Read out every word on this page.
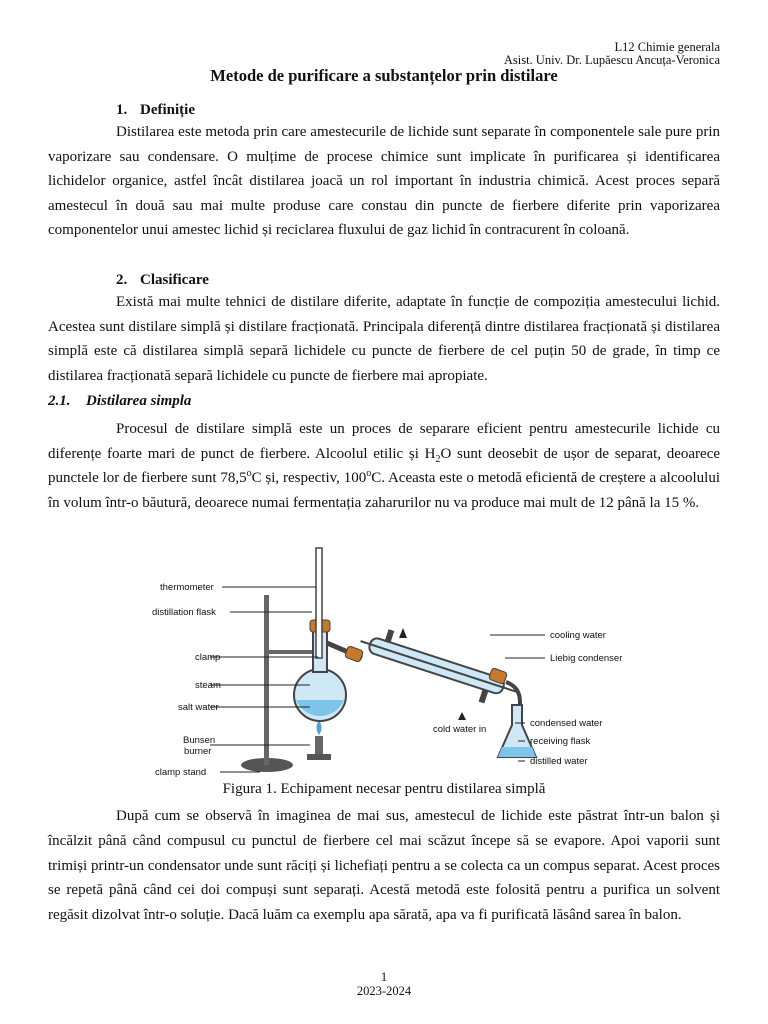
L12 Chimie generala
Asist. Univ. Dr. Lupăescu Ancuța-Veronica
Metode de purificare a substanțelor prin distilare
1. Definiție
Distilarea este metoda prin care amestecurile de lichide sunt separate în componentele sale pure prin vaporizare sau condensare. O mulțime de procese chimice sunt implicate în purificarea și identificarea lichidelor organice, astfel încât distilarea joacă un rol important în industria chimică. Acest proces separă amestecul în două sau mai multe produse care constau din puncte de fierbere diferite prin vaporizarea componentelor unui amestec lichid și reciclarea fluxului de gaz lichid în contracurent în coloană.
2. Clasificare
Există mai multe tehnici de distilare diferite, adaptate în funcție de compoziția amestecului lichid. Acestea sunt distilare simplă și distilare fracționată. Principala diferență dintre distilarea fracționată și distilarea simplă este că distilarea simplă separă lichidele cu puncte de fierbere de cel puțin 50 de grade, în timp ce distilarea fracționată separă lichidele cu puncte de fierbere mai apropiate.
2.1. Distilarea simpla
Procesul de distilare simplă este un proces de separare eficient pentru amestecurile lichide cu diferențe foarte mari de punct de fierbere. Alcoolul etilic și $H_2O$ sunt deosebit de ușor de separat, deoarece punctele lor de fierbere sunt 78,5$^o$C și, respectiv, 100$^o$C. Aceasta este o metodă eficientă de creștere a alcoolului în volum într-o băutură, deoarece numai fermentația zaharurilor nu va produce mai mult de 12 până la 15 %.
thermometer
distillation flask
clamp
steam
salt water
Bunsen
burner
clamp stand
cooling water
Liebig condenser
cold water in
condensed water
receiving flask
distilled water
Figura 1. Echipament necesar pentru distilarea simplă
După cum se observă în imaginea de mai sus, amestecul de lichide este păstrat într-un balon și încălzit până când compusul cu punctul de fierbere cel mai scăzut începe să se evapore. Apoi vaporii sunt trimiși printr-un condensator unde sunt răciți și lichefiați pentru a se colecta ca un compus separat. Acest proces se repetă până când cei doi compuși sunt separați. Acestă metodă este folosită pentru a purifica un solvent regăsit dizolvat într-o soluție. Dacă luăm ca exemplu apa sărată, apa va fi purificată lăsând sarea în balon.
1
2023-2024
